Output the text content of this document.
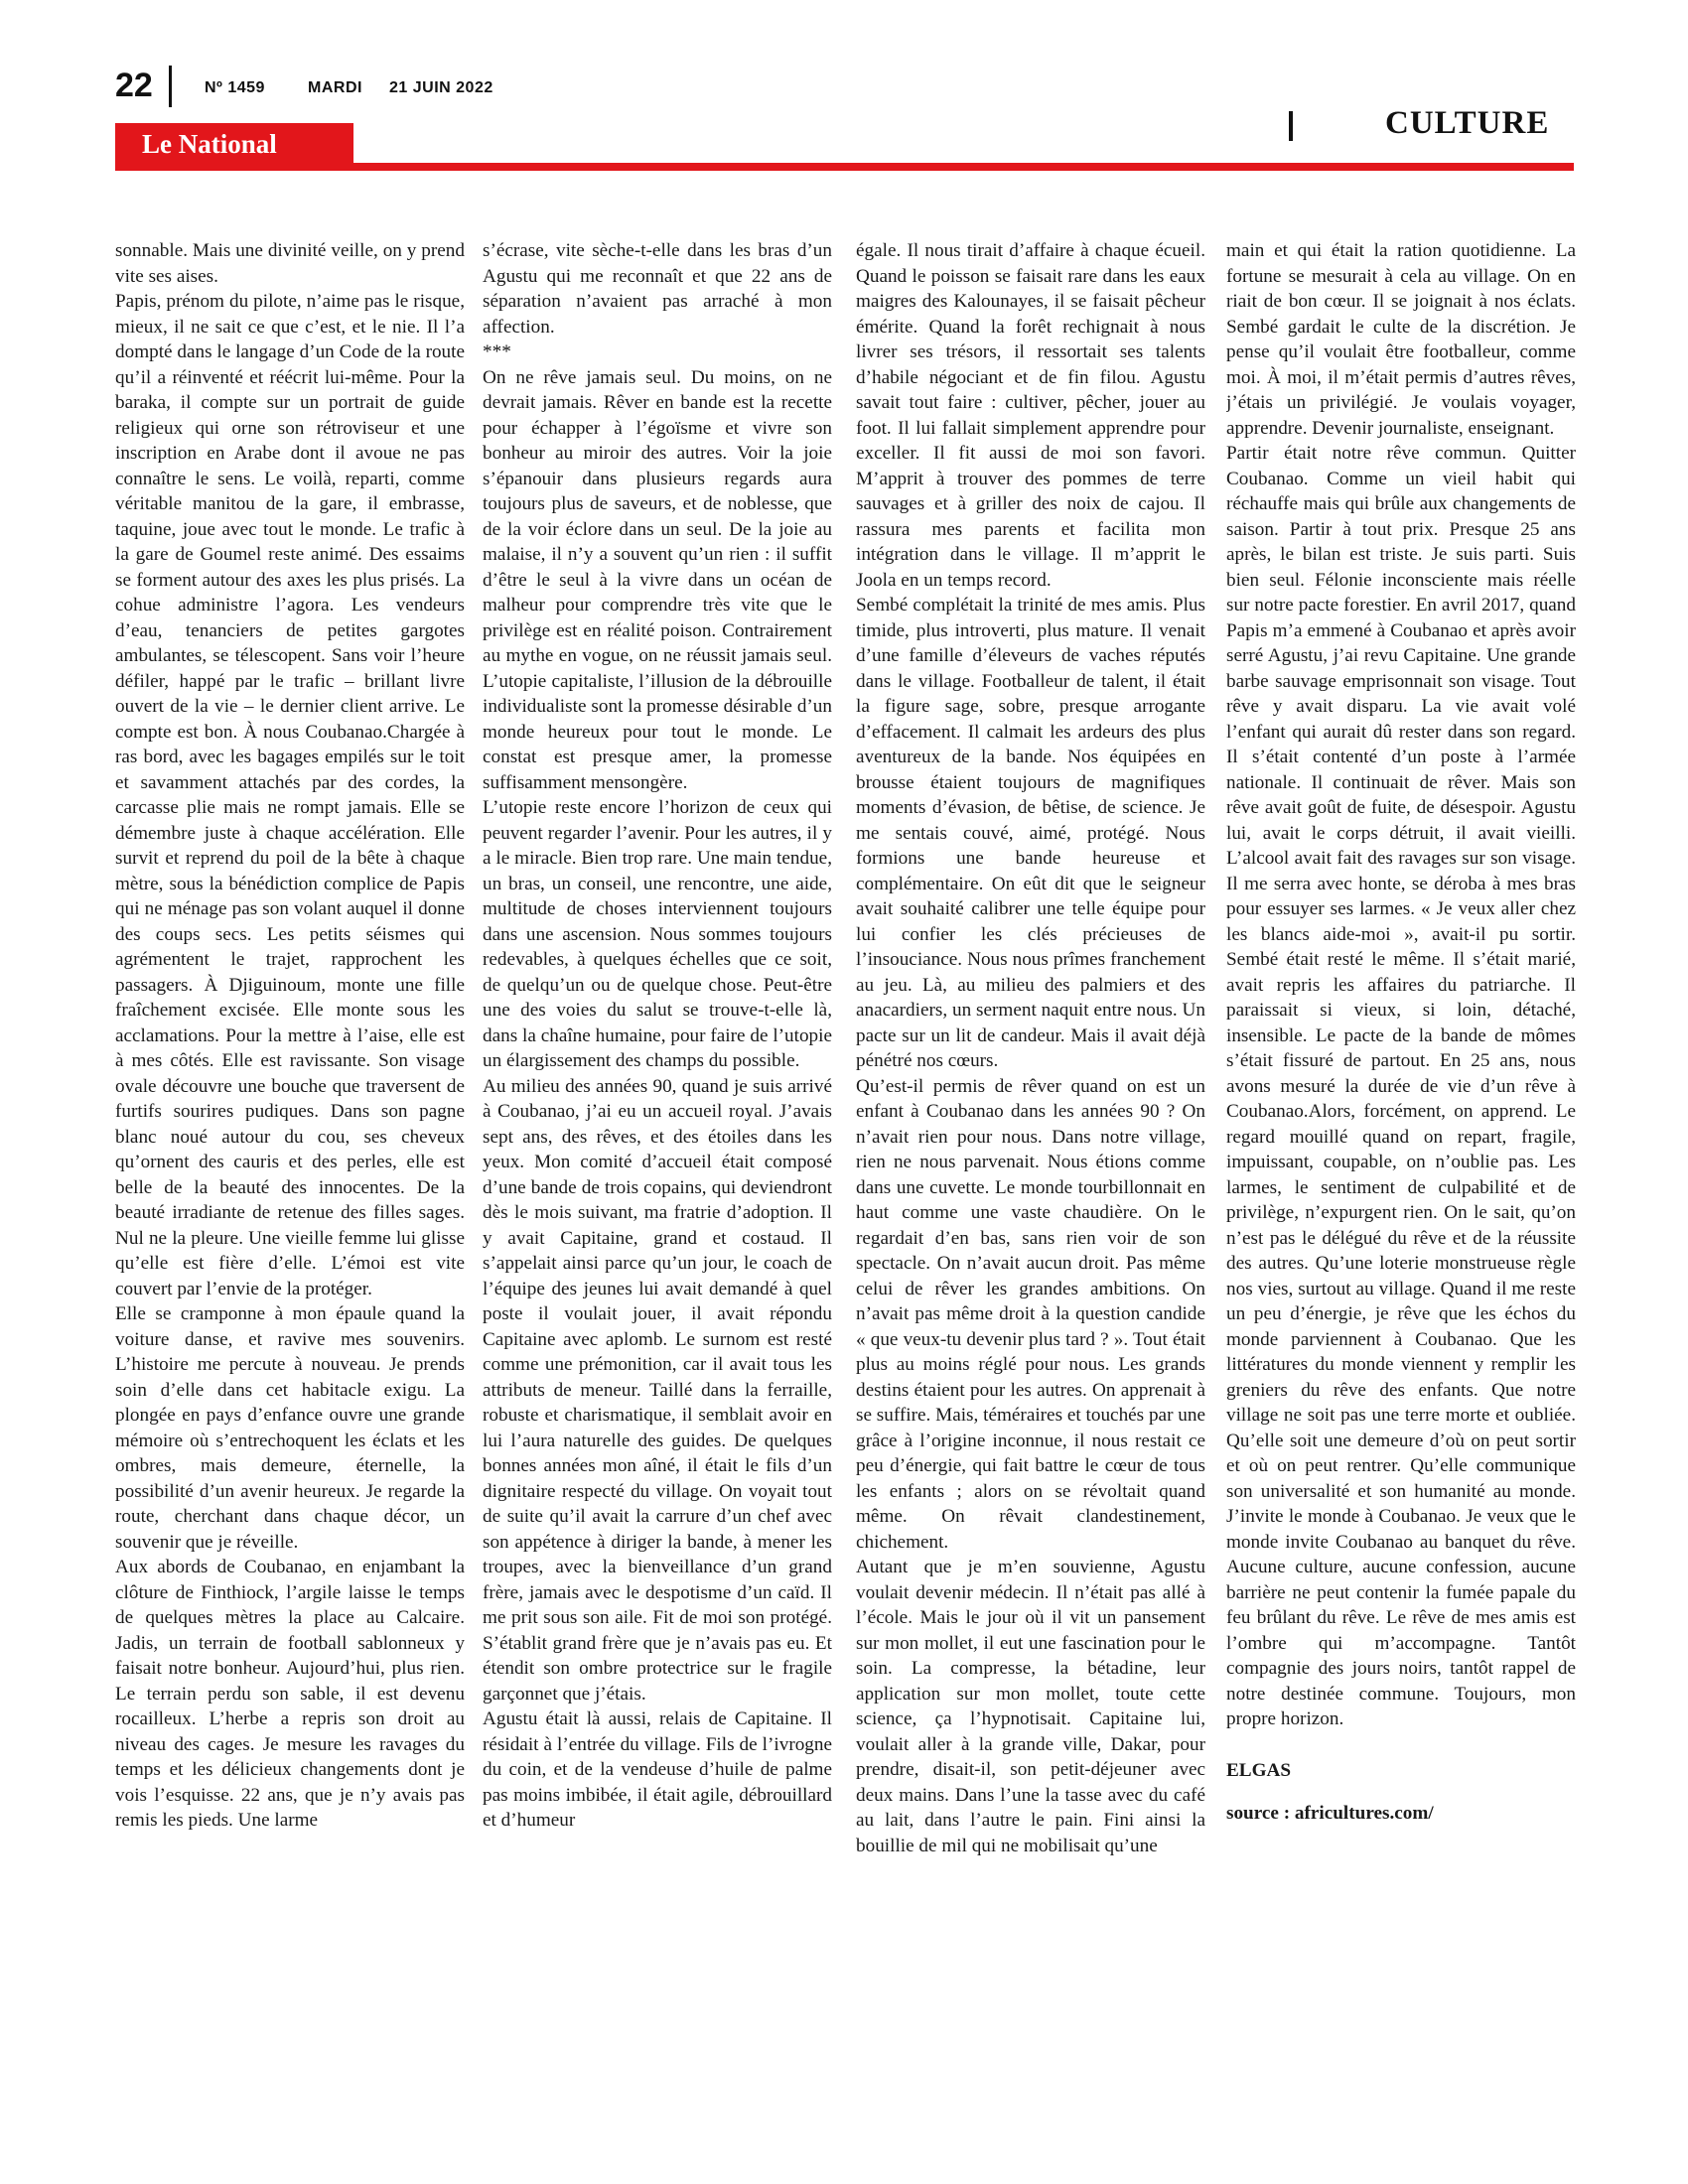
22	Nº 1459	MARDI 21 JUIN 2022
Le National
CULTURE

sonnable. Mais une divinité veille, on y prend vite ses aises.

Papis, prénom du pilote, n’aime pas le risque, mieux, il ne sait ce que c’est, et le nie. Il l’a dompté dans le langage d’un Code de la route qu’il a réinventé et réécrit lui-même. Pour la baraka, il compte sur un portrait de guide religieux qui orne son rétroviseur et une inscription en Arabe dont il avoue ne pas connaître le sens. Le voilà, reparti, comme véritable manitou de la gare, il embrasse, taquine, joue avec tout le monde. Le trafic à la gare de Goumel reste animé. Des essaims se forment autour des axes les plus prisés. La cohue administre l’agora. Les vendeurs d’eau, tenanciers de petites gargotes ambulantes, se télescopent. Sans voir l’heure défiler, happé par le trafic – brillant livre ouvert de la vie – le dernier client arrive. Le compte est bon. À nous Coubanao.Chargée à ras bord, avec les bagages empilés sur le toit et savamment attachés par des cordes, la carcasse plie mais ne rompt jamais. Elle se démembre juste à chaque accélération. Elle survit et reprend du poil de la bête à chaque mètre, sous la bénédiction complice de Papis qui ne ménage pas son volant auquel il donne des coups secs. Les petits séismes qui agrémentent le trajet, rapprochent les passagers. À Djiguinoum, monte une fille fraîchement excisée. Elle monte sous les acclamations. Pour la mettre à l’aise, elle est à mes côtés. Elle est ravissante. Son visage ovale découvre une bouche que traversent de furtifs sourires pudiques. Dans son pagne blanc noué autour du cou, ses cheveux qu’ornent des cauris et des perles, elle est belle de la beauté des innocentes. De la beauté irradiante de retenue des filles sages. Nul ne la pleure. Une vieille femme lui glisse qu’elle est fière d’elle. L’émoi est vite couvert par l’envie de la protéger.

Elle se cramponne à mon épaule quand la voiture danse, et ravive mes souvenirs. L’histoire me percute à nouveau. Je prends soin d’elle dans cet habitacle exigu. La plongée en pays d’enfance ouvre une grande mémoire où s’entrechoquent les éclats et les ombres, mais demeure, éternelle, la possibilité d’un avenir heureux. Je regarde la route, cherchant dans chaque décor, un souvenir que je réveille.

Aux abords de Coubanao, en enjambant la clôture de Finthiock, l’argile laisse le temps de quelques mètres la place au Calcaire. Jadis, un terrain de football sablonneux y faisait notre bonheur. Aujourd’hui, plus rien. Le terrain perdu son sable, il est devenu rocailleux. L’herbe a repris son droit au niveau des cages. Je mesure les ravages du temps et les délicieux changements dont je vois l’esquisse. 22 ans, que je n’y avais pas remis les pieds. Une larme

s’écrase, vite sèche-t-elle dans les bras d’un Agustu qui me reconnaît et que 22 ans de séparation n’avaient pas arraché à mon affection.

***

On ne rêve jamais seul. Du moins, on ne devrait jamais. Rêver en bande est la recette pour échapper à l’égoïsme et vivre son bonheur au miroir des autres. Voir la joie s’épanouir dans plusieurs regards aura toujours plus de saveurs, et de noblesse, que de la voir éclore dans un seul. De la joie au malaise, il n’y a souvent qu’un rien : il suffit d’être le seul à la vivre dans un océan de malheur pour comprendre très vite que le privilège est en réalité poison. Contrairement au mythe en vogue, on ne réussit jamais seul. L’utopie capitaliste, l’illusion de la débrouille individualiste sont la promesse désirable d’un monde heureux pour tout le monde. Le constat est presque amer, la promesse suffisamment mensongère.

L’utopie reste encore l’horizon de ceux qui peuvent regarder l’avenir. Pour les autres, il y a le miracle. Bien trop rare. Une main tendue, un bras, un conseil, une rencontre, une aide, multitude de choses interviennent toujours dans une ascension. Nous sommes toujours redevables, à quelques échelles que ce soit, de quelqu’un ou de quelque chose. Peut-être une des voies du salut se trouve-t-elle là, dans la chaîne humaine, pour faire de l’utopie un élargissement des champs du possible.

Au milieu des années 90, quand je suis arrivé à Coubanao, j’ai eu un accueil royal. J’avais sept ans, des rêves, et des étoiles dans les yeux. Mon comité d’accueil était composé d’une bande de trois copains, qui deviendront dès le mois suivant, ma fratrie d’adoption. Il y avait Capitaine, grand et costaud. Il s’appelait ainsi parce qu’un jour, le coach de l’équipe des jeunes lui avait demandé à quel poste il voulait jouer, il avait répondu Capitaine avec aplomb. Le surnom est resté comme une prémonition, car il avait tous les attributs de meneur. Taillé dans la ferraille, robuste et charismatique, il semblait avoir en lui l’aura naturelle des guides. De quelques bonnes années mon aîné, il était le fils d’un dignitaire respecté du village. On voyait tout de suite qu’il avait la carrure d’un chef avec son appétence à diriger la bande, à mener les troupes, avec la bienveillance d’un grand frère, jamais avec le despotisme d’un caïd. Il me prit sous son aile. Fit de moi son protégé. S’établit grand frère que je n’avais pas eu. Et étendit son ombre protectrice sur le fragile garçonnet que j’étais.

Agustu était là aussi, relais de Capitaine. Il résidait à l’entrée du village. Fils de l’ivrogne du coin, et de la vendeuse d’huile de palme pas moins imbibée, il était agile, débrouillard et d’humeur

égale. Il nous tirait d’affaire à chaque écueil. Quand le poisson se faisait rare dans les eaux maigres des Kalounayes, il se faisait pêcheur émérite. Quand la forêt rechignait à nous livrer ses trésors, il ressortait ses talents d’habile négociant et de fin filou. Agustu savait tout faire : cultiver, pêcher, jouer au foot. Il lui fallait simplement apprendre pour exceller. Il fit aussi de moi son favori. M’apprit à trouver des pommes de terre sauvages et à griller des noix de cajou. Il rassura mes parents et facilita mon intégration dans le village. Il m’apprit le Joola en un temps record.

Sembé complétait la trinité de mes amis. Plus timide, plus introverti, plus mature. Il venait d’une famille d’éleveurs de vaches réputés dans le village. Footballeur de talent, il était la figure sage, sobre, presque arrogante d’effacement. Il calmait les ardeurs des plus aventureux de la bande. Nos équipées en brousse étaient toujours de magnifiques moments d’évasion, de bêtise, de science. Je me sentais couvé, aimé, protégé. Nous formions une bande heureuse et complémentaire. On eût dit que le seigneur avait souhaité calibrer une telle équipe pour lui confier les clés précieuses de l’insouciance. Nous nous prîmes franchement au jeu. Là, au milieu des palmiers et des anacardiers, un serment naquit entre nous. Un pacte sur un lit de candeur. Mais il avait déjà pénétré nos cœurs.

Qu’est-il permis de rêver quand on est un enfant à Coubanao dans les années 90 ? On n’avait rien pour nous. Dans notre village, rien ne nous parvenait. Nous étions comme dans une cuvette. Le monde tourbillonnait en haut comme une vaste chaudière. On le regardait d’en bas, sans rien voir de son spectacle. On n’avait aucun droit. Pas même celui de rêver les grandes ambitions. On n’avait pas même droit à la question candide « que veux-tu devenir plus tard ? ». Tout était plus au moins réglé pour nous. Les grands destins étaient pour les autres. On apprenait à se suffire. Mais, téméraires et touchés par une grâce à l’origine inconnue, il nous restait ce peu d’énergie, qui fait battre le cœur de tous les enfants ; alors on se révoltait quand même. On rêvait clandestinement, chichement.

Autant que je m’en souvienne, Agustu voulait devenir médecin. Il n’était pas allé à l’école. Mais le jour où il vit un pansement sur mon mollet, il eut une fascination pour le soin. La compresse, la bétadine, leur application sur mon mollet, toute cette science, ça l’hypnotisait. Capitaine lui, voulait aller à la grande ville, Dakar, pour prendre, disait-il, son petit-déjeuner avec deux mains. Dans l’une la tasse avec du café au lait, dans l’autre le pain. Fini ainsi la bouillie de mil qui ne mobilisait qu’une

main et qui était la ration quotidienne. La fortune se mesurait à cela au village. On en riait de bon cœur. Il se joignait à nos éclats. Sembé gardait le culte de la discrétion. Je pense qu’il voulait être footballeur, comme moi. À moi, il m’était permis d’autres rêves, j’étais un privilégié. Je voulais voyager, apprendre. Devenir journaliste, enseignant.

Partir était notre rêve commun. Quitter Coubanao. Comme un vieil habit qui réchauffe mais qui brûle aux changements de saison. Partir à tout prix. Presque 25 ans après, le bilan est triste. Je suis parti. Suis bien seul. Félonie inconsciente mais réelle sur notre pacte forestier. En avril 2017, quand Papis m’a emmené à Coubanao et après avoir serré Agustu, j’ai revu Capitaine. Une grande barbe sauvage emprisonnait son visage. Tout rêve y avait disparu. La vie avait volé l’enfant qui aurait dû rester dans son regard. Il s’était contenté d’un poste à l’armée nationale. Il continuait de rêver. Mais son rêve avait goût de fuite, de désespoir. Agustu lui, avait le corps détruit, il avait vieilli. L’alcool avait fait des ravages sur son visage. Il me serra avec honte, se déroba à mes bras pour essuyer ses larmes. « Je veux aller chez les blancs aide-moi », avait-il pu sortir. Sembé était resté le même. Il s’était marié, avait repris les affaires du patriarche. Il paraissait si vieux, si loin, détaché, insensible. Le pacte de la bande de mômes s’était fissuré de partout. En 25 ans, nous avons mesuré la durée de vie d’un rêve à Coubanao.Alors, forcément, on apprend. Le regard mouillé quand on repart, fragile, impuissant, coupable, on n’oublie pas. Les larmes, le sentiment de culpabilité et de privilège, n’expurgent rien. On le sait, qu’on n’est pas le délégué du rêve et de la réussite des autres. Qu’une loterie monstrueuse règle nos vies, surtout au village. Quand il me reste un peu d’énergie, je rêve que les échos du monde parviennent à Coubanao. Que les littératures du monde viennent y remplir les greniers du rêve des enfants. Que notre village ne soit pas une terre morte et oubliée. Qu’elle soit une demeure d’où on peut sortir et où on peut rentrer. Qu’elle communique son universalité et son humanité au monde. J’invite le monde à Coubanao. Je veux que le monde invite Coubanao au banquet du rêve. Aucune culture, aucune confession, aucune barrière ne peut contenir la fumée papale du feu brûlant du rêve. Le rêve de mes amis est l’ombre qui m’accompagne. Tantôt compagnie des jours noirs, tantôt rappel de notre destinée commune. Toujours, mon propre horizon.

ELGAS

source : africultures.com/
